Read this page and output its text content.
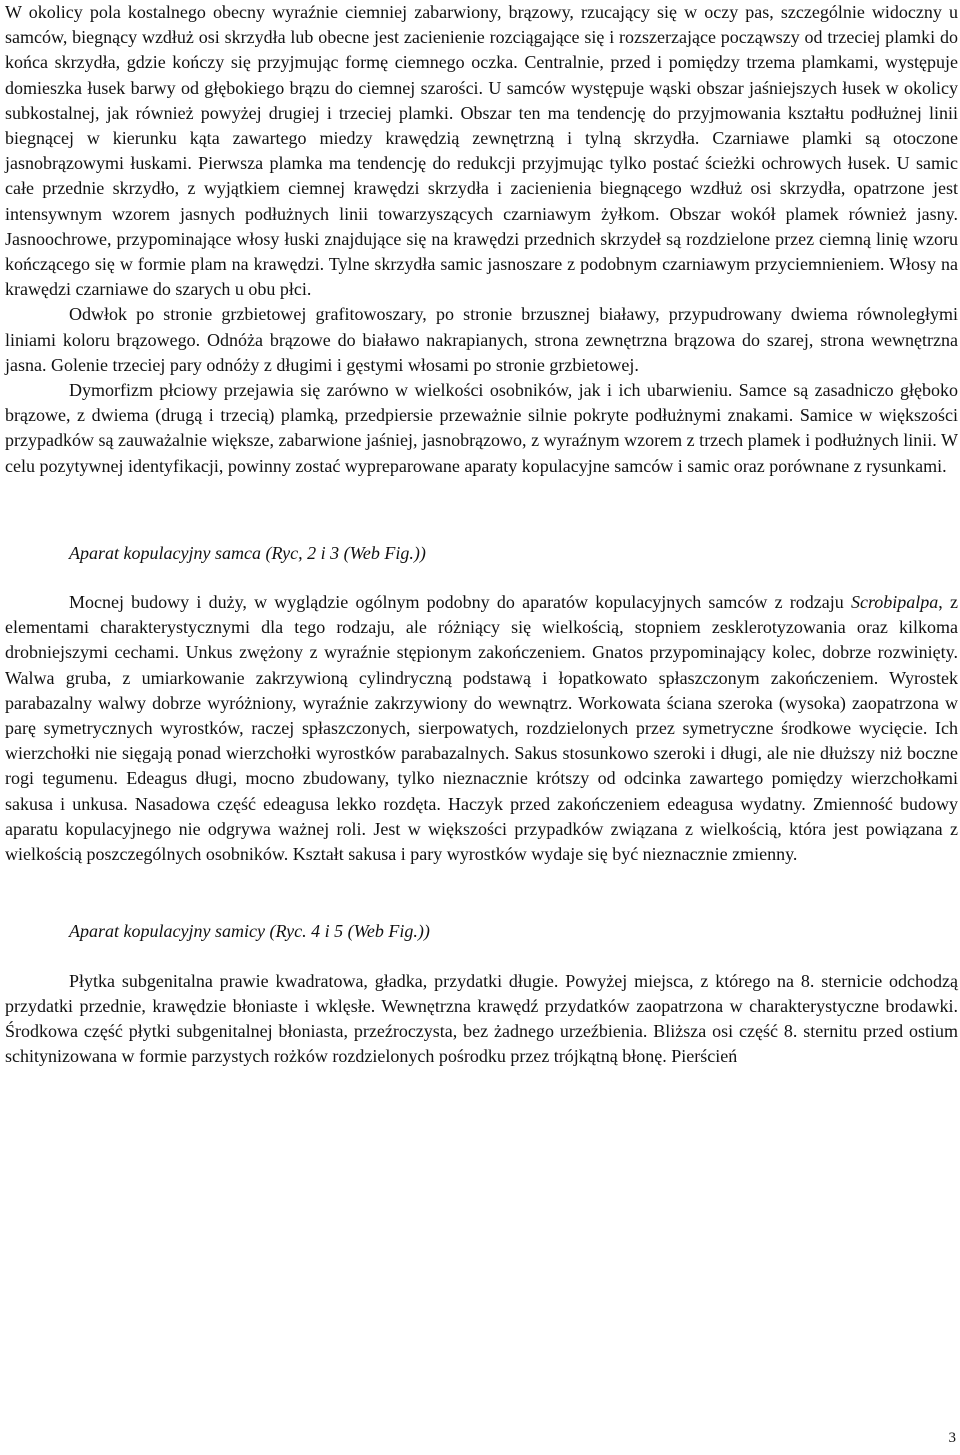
W okolicy pola kostalnego obecny wyraźnie ciemniej zabarwiony, brązowy, rzucający się w oczy pas, szczególnie widoczny u samców, biegnący wzdłuż osi skrzydła lub obecne jest zacienienie rozciągające się i rozszerzające począwszy od trzeciej plamki do końca skrzydła, gdzie kończy się przyjmując formę ciemnego oczka. Centralnie, przed i pomiędzy trzema plamkami, występuje domieszka łusek barwy od głębokiego brązu do ciemnej szarości. U samców występuje wąski obszar jaśniejszych łusek w okolicy subkostalnej, jak również powyżej drugiej i trzeciej plamki. Obszar ten ma tendencję do przyjmowania kształtu podłużnej linii biegnącej w kierunku kąta zawartego miedzy krawędzią zewnętrzną i tylną skrzydła. Czarniawe plamki są otoczone jasnobrązowymi łuskami. Pierwsza plamka ma tendencję do redukcji przyjmując tylko postać ścieżki ochrowych łusek. U samic całe przednie skrzydło, z wyjątkiem ciemnej krawędzi skrzydła i zacienienia biegnącego wzdłuż osi skrzydła, opatrzone jest intensywnym wzorem jasnych podłużnych linii towarzyszących czarniawym żyłkom. Obszar wokół plamek również jasny. Jasnoochrowe, przypominające włosy łuski znajdujące się na krawędzi przednich skrzydeł są rozdzielone przez ciemną linię wzoru kończącego się w formie plam na krawędzi. Tylne skrzydła samic jasnoszare z podobnym czarniawym przyciemnieniem. Włosy na krawędzi czarniawe do szarych u obu płci.

Odwłok po stronie grzbietowej grafitowoszary, po stronie brzusznej białawy, przypudrowany dwiema równoległymi liniami koloru brązowego. Odnóża brązowe do białawo nakrapianych, strona zewnętrzna brązowa do szarej, strona wewnętrzna jasna. Golenie trzeciej pary odnóży z długimi i gęstymi włosami po stronie grzbietowej.

Dymorfizm płciowy przejawia się zarówno w wielkości osobników, jak i ich ubarwieniu. Samce są zasadniczo głęboko brązowe, z dwiema (drugą i trzecią) plamką, przedpiersie przeważnie silnie pokryte podłużnymi znakami. Samice w większości przypadków są zauważalnie większe, zabarwione jaśniej, jasnobrązowo, z wyraźnym wzorem z trzech plamek i podłużnych linii. W celu pozytywnej identyfikacji, powinny zostać wypreparowane aparaty kopulacyjne samców i samic oraz porównane z rysunkami.

Aparat kopulacyjny samca (Ryc, 2 i 3 (Web Fig.))

Mocnej budowy i duży, w wyglądzie ogólnym podobny do aparatów kopulacyjnych samców z rodzaju Scrobipalpa, z elementami charakterystycznymi dla tego rodzaju, ale różniący się wielkością, stopniem zesklerotyzowania oraz kilkoma drobniejszymi cechami. Unkus zwężony z wyraźnie stępionym zakończeniem. Gnatos przypominający kolec, dobrze rozwinięty. Walwa gruba, z umiarkowanie zakrzywioną cylindryczną podstawą i łopatkowato spłaszczonym zakończeniem. Wyrostek parabazalny walwy dobrze wyróżniony, wyraźnie zakrzywiony do wewnątrz. Workowata ściana szeroka (wysoka) zaopatrzona w parę symetrycznych wyrostków, raczej spłaszczonych, sierpowatych, rozdzielonych przez symetryczne środkowe wycięcie. Ich wierzchołki nie sięgają ponad wierzchołki wyrostków parabazalnych. Sakus stosunkowo szeroki i długi, ale nie dłuższy niż boczne rogi tegumenu. Edeagus długi, mocno zbudowany, tylko nieznacznie krótszy od odcinka zawartego pomiędzy wierzchołkami sakusa i unkusa. Nasadowa część edeagusa lekko rozdęta. Haczyk przed zakończeniem edeagusa wydatny. Zmienność budowy aparatu kopulacyjnego nie odgrywa ważnej roli. Jest w większości przypadków związana z wielkością, która jest powiązana z wielkością poszczególnych osobników. Kształt sakusa i pary wyrostków wydaje się być nieznacznie zmienny.

Aparat kopulacyjny samicy (Ryc. 4 i 5 (Web Fig.))

Płytka subgenitalna prawie kwadratowa, gładka, przydatki długie. Powyżej miejsca, z którego na 8. sternicie odchodzą przydatki przednie, krawędzie błoniaste i wklęsłe. Wewnętrzna krawędź przydatków zaopatrzona w charakterystyczne brodawki. Środkowa część płytki subgenitalnej błoniasta, przeźroczysta, bez żadnego urzeźbienia. Bliższa osi część 8. sternitu przed ostium schitynizowana w formie parzystych rożków rozdzielonych pośrodku przez trójkątną błonę. Pierścień

3
